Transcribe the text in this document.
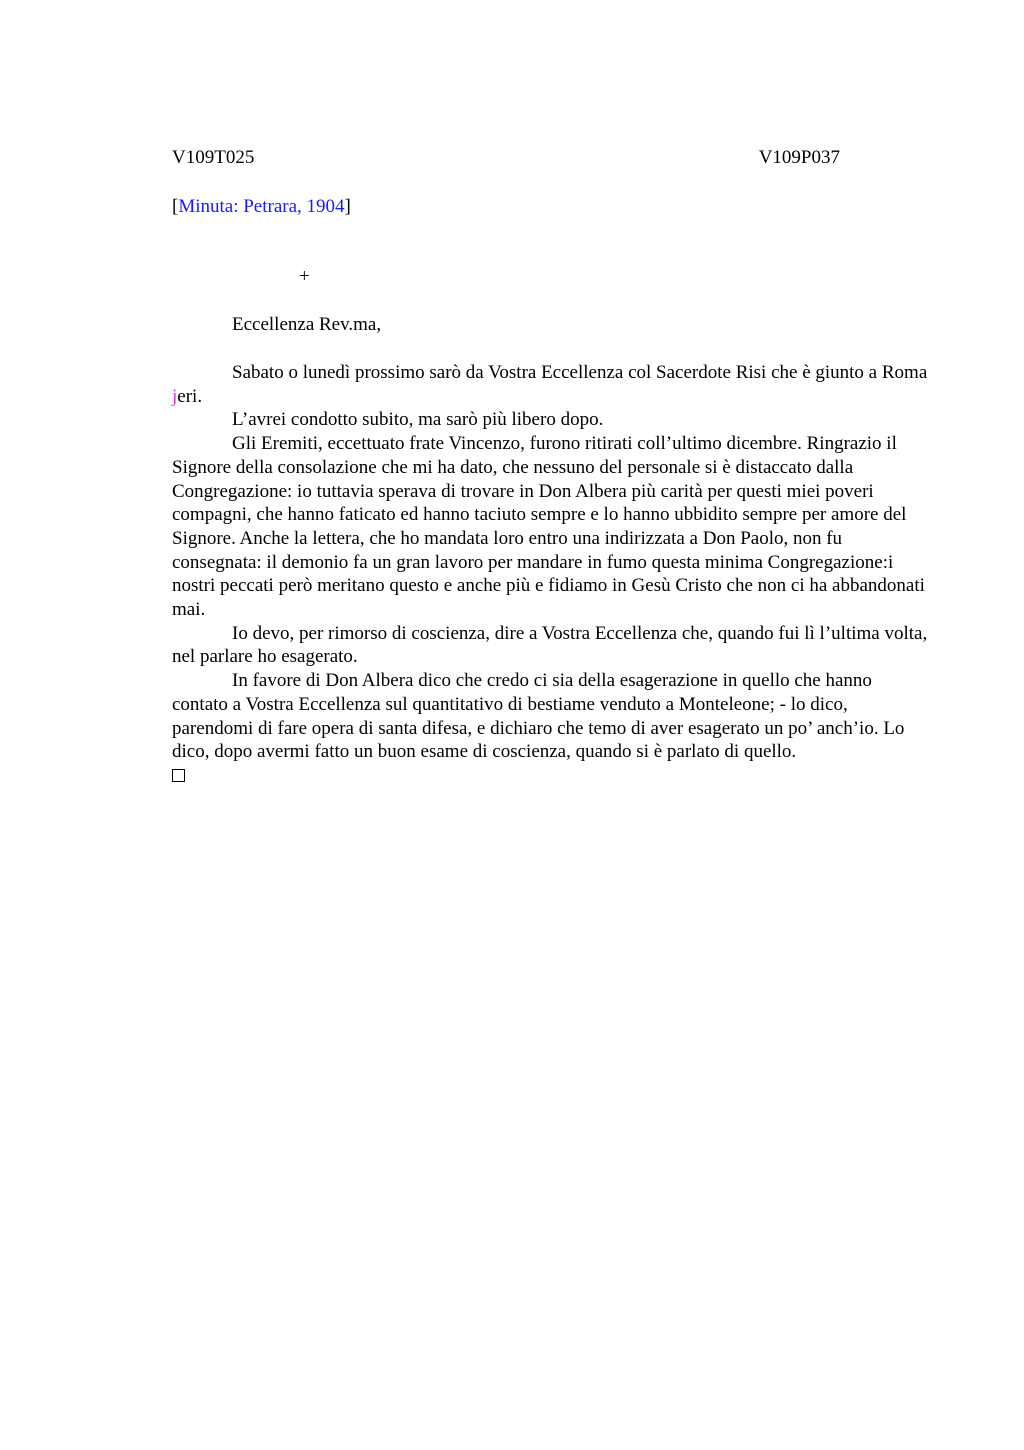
V109T025	V109P037
[Minuta: Petrara, 1904]
+
Eccellenza Rev.ma,

Sabato o lunedì prossimo sarò da Vostra Eccellenza col Sacerdote Risi che è giunto a Roma jeri.

L’avrei condotto subito, ma sarò più libero dopo.

Gli Eremiti, eccettuato frate Vincenzo, furono ritirati coll’ultimo dicembre. Ringrazio il Signore della consolazione che mi ha dato, che nessuno del personale si è distaccato dalla Congregazione: io tuttavia sperava di trovare in Don Albera più carità per questi miei poveri compagni, che hanno faticato ed hanno taciuto sempre e lo hanno ubbidito sempre per amore del Signore. Anche la lettera, che ho mandata loro entro una indirizzata a Don Paolo, non fu consegnata: il demonio fa un gran lavoro per mandare in fumo questa minima Congregazione:i nostri peccati però meritano questo e anche più e fidiamo in Gesù Cristo che non ci ha abbandonati mai.

Io devo, per rimorso di coscienza, dire a Vostra Eccellenza che, quando fui lì l’ultima volta, nel parlare ho esagerato.

In favore di Don Albera dico che credo ci sia della esagerazione in quello che hanno contato a Vostra Eccellenza sul quantitativo di bestiame venduto a Monteleone; - lo dico, parendomi di fare opera di santa difesa, e dichiaro che temo di aver esagerato un po’ anch’io. Lo dico, dopo avermi fatto un buon esame di coscienza, quando si è parlato di quello.
